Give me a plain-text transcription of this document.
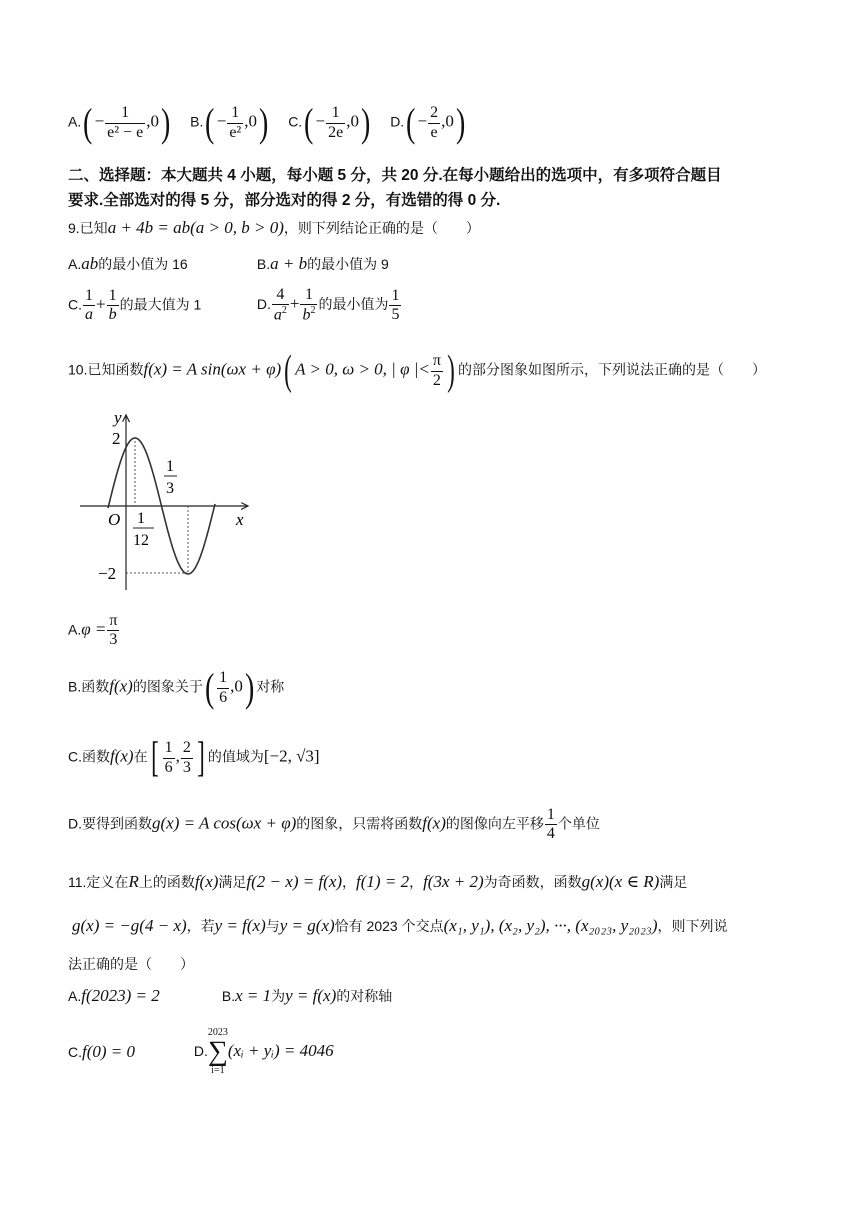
$A.( - \frac{1}{\text{e² − e}} ,0)$ $B.( - \frac{1}{\text{e²}} ,0)$ $C.( - \frac{1}{2e} ,0)$ $D.( - \frac{2}{e} ,0)$
二、选择题：本大题共 4 小题，每小题 5 分，共 20 分.在每小题给出的选项中，有多项符合题目
要求.全部选对的得 5 分，部分选对的得 2 分，有选错的得 0 分.
9.已知a + 4b = ab(a > 0, b > 0)，则下列结论正确的是（　　）
A.ab的最小值为 16	B.a + b的最小值为 9
C. $\frac{1}{a} + \frac{1}{b}$ 的最大值为 1	D. $\frac{4}{a^2} + \frac{1}{b^2}$ 的最小值为 $\frac{1}{5}$
10.已知函数f(x) = A sin(ωx + φ)( A > 0, ω > 0, | φ |< $\frac{\pi}{2}$ ) 的部分图象如图所示，下列说法正确的是（　　）
y
x
O
2
−2
1
12
1
3
$A.\varphi = \frac{\pi}{3}$
B.函数f(x)的图象关于( $\frac{1}{6} ,0$) 对称
C.函数f(x)在[ $\frac{1}{6}$ , $\frac{2}{3}$ ] 的值域为[−2, √3]
D.要得到函数g(x) = A cos(ωx + φ)的图象，只需将函数f(x)的图像向左平移 $\frac{1}{4}$ 个单位
11.定义在R上的函数f(x)满足f(2 − x) = f(x)，f(1) = 2，f(3x + 2)为奇函数，函数g(x)(x ∈ R)满足
g(x) = −g(4 − x)，若y = f(x)与y = g(x)恰有 2023 个交点(x₁, y₁), (x₂, y₂), ···, (x₂₀₂₃, y₂₀₂₃)，则下列说
法正确的是（　　）
A.f(2023) = 2	B.x = 1为y = f(x)的对称轴
C.f(0) = 0	D.
2023
∑
i=1
(xᵢ + yᵢ) = 4046
